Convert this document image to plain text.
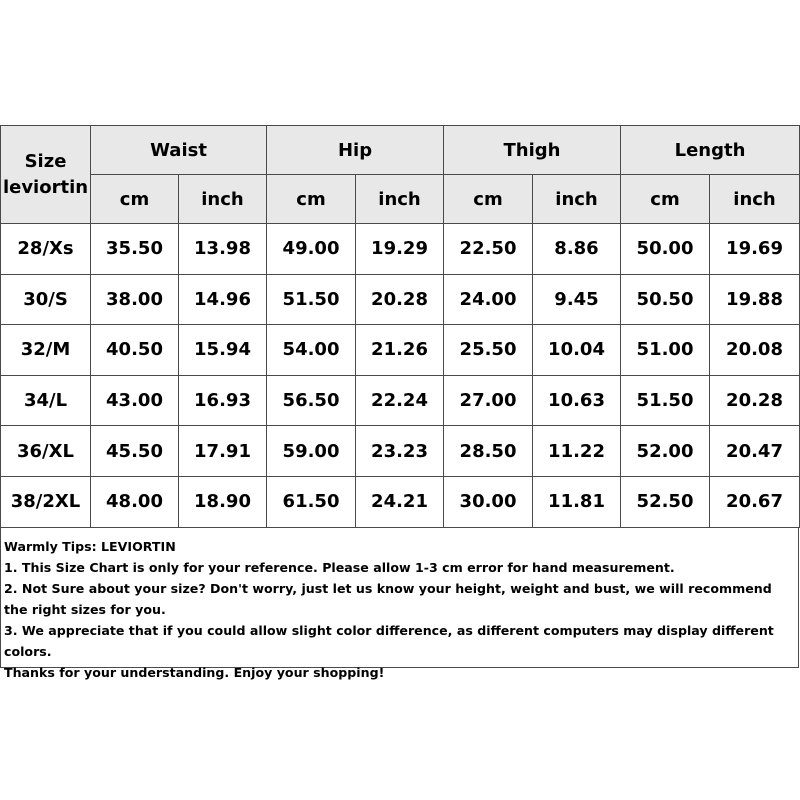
Size
leviortin	Waist		Hip		Thigh		Length	
	cm	inch	cm	inch	cm	inch	cm	inch
28/Xs	35.50	13.98	49.00	19.29	22.50	8.86	50.00	19.69
30/S	38.00	14.96	51.50	20.28	24.00	9.45	50.50	19.88
32/M	40.50	15.94	54.00	21.26	25.50	10.04	51.00	20.08
34/L	43.00	16.93	56.50	22.24	27.00	10.63	51.50	20.28
36/XL	45.50	17.91	59.00	23.23	28.50	11.22	52.00	20.47
38/2XL	48.00	18.90	61.50	24.21	30.00	11.81	52.50	20.67
Warmly Tips: LEVIORTIN
1. This Size Chart is only for your reference. Please allow 1-3 cm error for hand measurement.
2. Not Sure about your size? Don't worry, just let us know your height, weight and bust, we will recommend the right sizes for you.
3. We appreciate that if you could allow slight color difference, as different computers may display different colors.
Thanks for your understanding. Enjoy your shopping!
